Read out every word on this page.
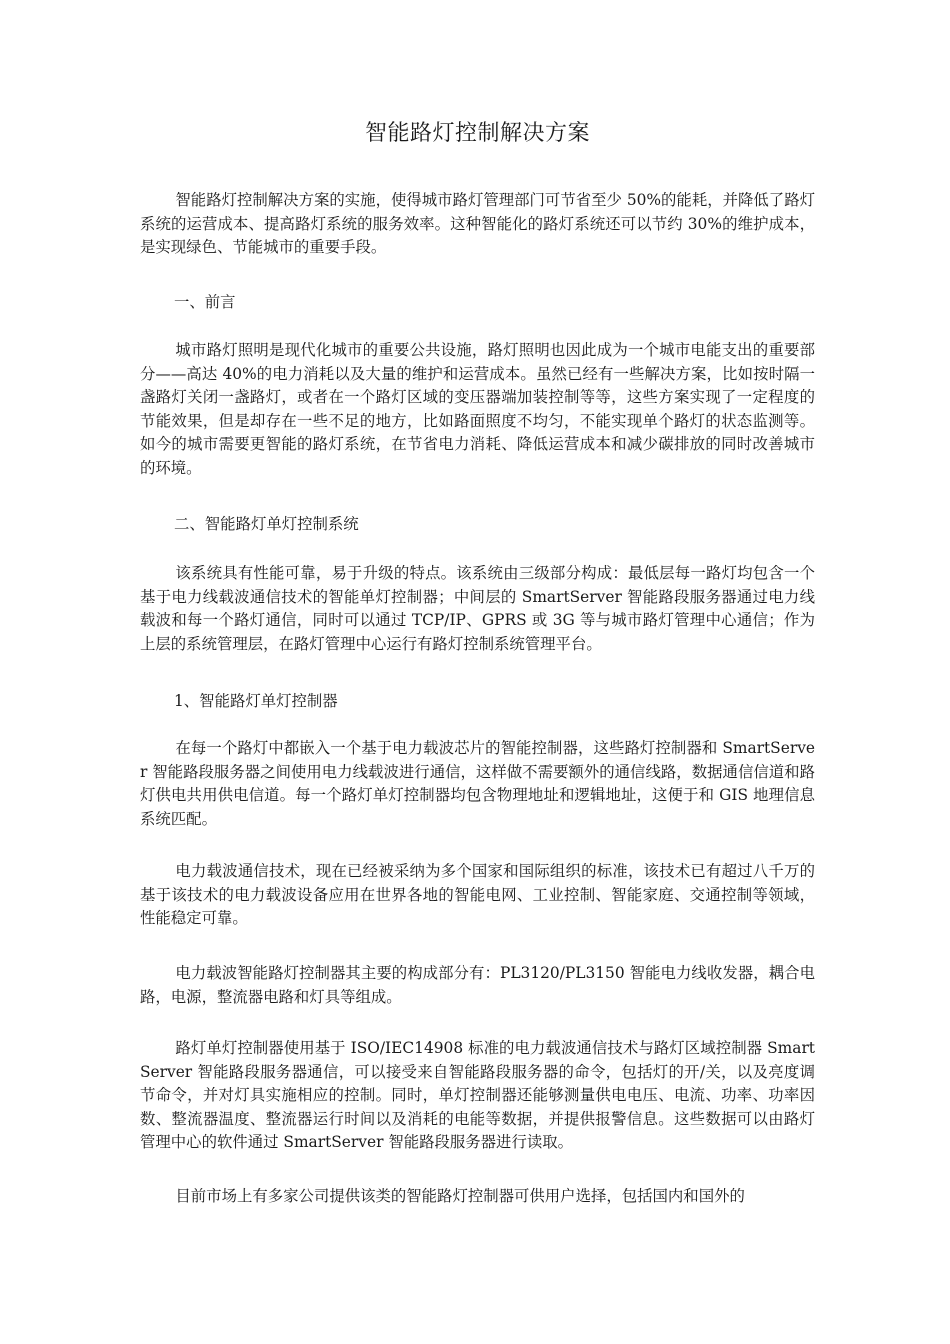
智能路灯控制解决方案

智能路灯控制解决方案的实施，使得城市路灯管理部门可节省至少 50%的能耗，并降低了路灯系统的运营成本、提高路灯系统的服务效率。这种智能化的路灯系统还可以节约 30%的维护成本，是实现绿色、节能城市的重要手段。

一、前言

城市路灯照明是现代化城市的重要公共设施，路灯照明也因此成为一个城市电能支出的重要部分——高达 40%的电力消耗以及大量的维护和运营成本。虽然已经有一些解决方案，比如按时隔一盏路灯关闭一盏路灯，或者在一个路灯区域的变压器端加装控制等等，这些方案实现了一定程度的节能效果，但是却存在一些不足的地方，比如路面照度不均匀，不能实现单个路灯的状态监测等。如今的城市需要更智能的路灯系统，在节省电力消耗、降低运营成本和减少碳排放的同时改善城市的环境。

二、智能路灯单灯控制系统

该系统具有性能可靠，易于升级的特点。该系统由三级部分构成：最低层每一路灯均包含一个基于电力线载波通信技术的智能单灯控制器；中间层的 SmartServer 智能路段服务器通过电力线载波和每一个路灯通信，同时可以通过 TCP/IP、GPRS 或 3G 等与城市路灯管理中心通信；作为上层的系统管理层，在路灯管理中心运行有路灯控制系统管理平台。

1、智能路灯单灯控制器

在每一个路灯中都嵌入一个基于电力载波芯片的智能控制器，这些路灯控制器和 SmartServer 智能路段服务器之间使用电力线载波进行通信，这样做不需要额外的通信线路，数据通信信道和路灯供电共用供电信道。每一个路灯单灯控制器均包含物理地址和逻辑地址，这便于和 GIS 地理信息系统匹配。

电力载波通信技术，现在已经被采纳为多个国家和国际组织的标准，该技术已有超过八千万的基于该技术的电力载波设备应用在世界各地的智能电网、工业控制、智能家庭、交通控制等领域，性能稳定可靠。

电力载波智能路灯控制器其主要的构成部分有：PL3120/PL3150 智能电力线收发器，耦合电路，电源，整流器电路和灯具等组成。

路灯单灯控制器使用基于 ISO/IEC14908 标准的电力载波通信技术与路灯区域控制器 SmartServer 智能路段服务器通信，可以接受来自智能路段服务器的命令，包括灯的开/关，以及亮度调节命令，并对灯具实施相应的控制。同时，单灯控制器还能够测量供电电压、电流、功率、功率因数、整流器温度、整流器运行时间以及消耗的电能等数据，并提供报警信息。这些数据可以由路灯管理中心的软件通过 SmartServer 智能路段服务器进行读取。

目前市场上有多家公司提供该类的智能路灯控制器可供用户选择，包括国内和国外的
